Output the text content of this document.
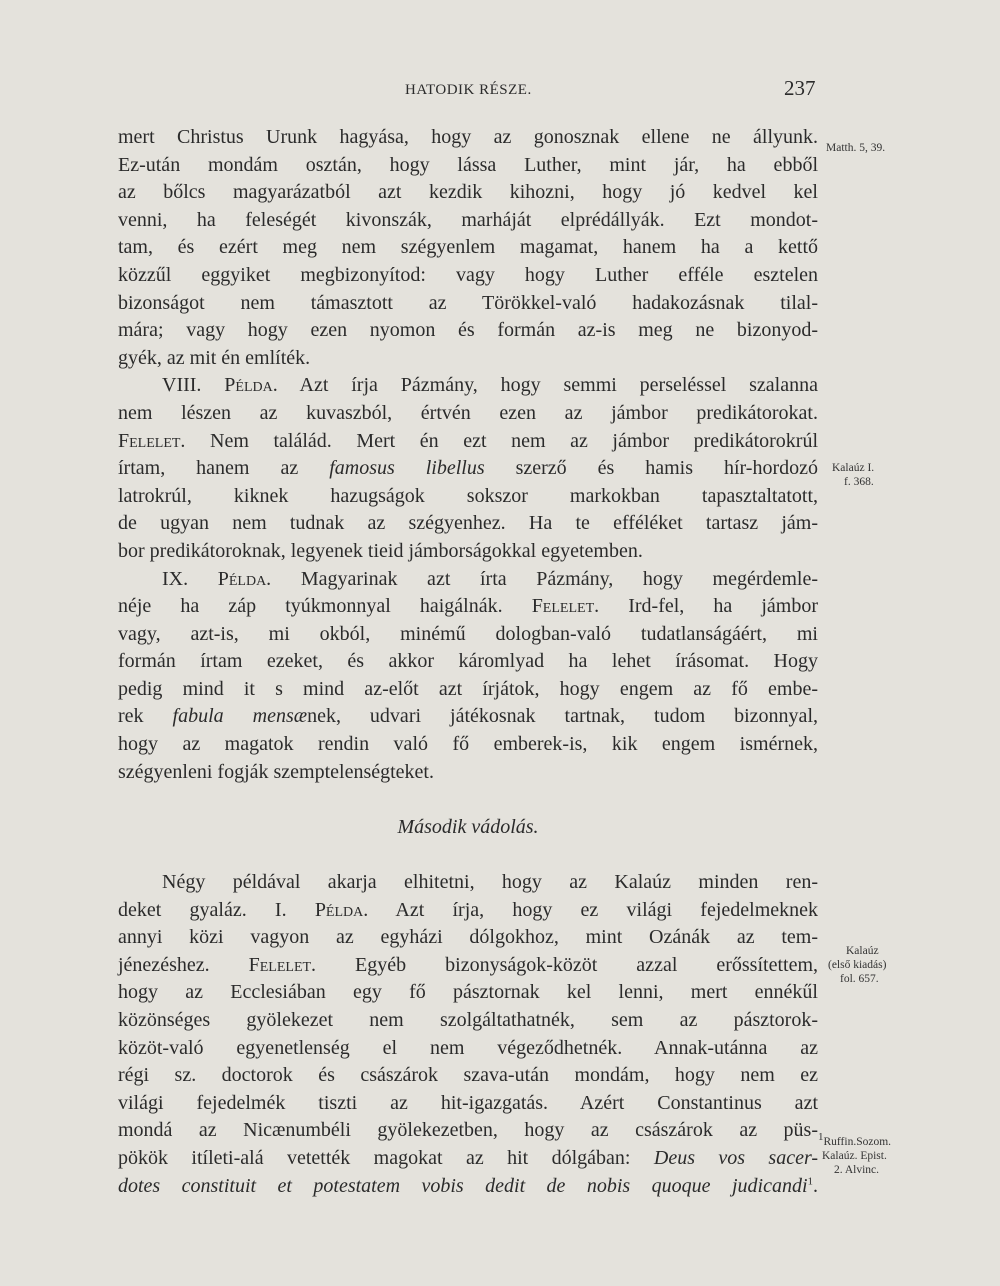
HATODIK RÉSZE.	237
mert Christus Urunk hagyása, hogy az gonosznak ellene ne állyunk.
Ez-után mondám osztán, hogy lássa Luther, mint jár, ha ebből
az bőlcs magyarázatból azt kezdik kihozni, hogy jó kedvel kel
venni, ha feleségét kivonszák, marháját elprédállyák. Ezt mondot-
tam, és ezért meg nem szégyenlem magamat, hanem ha a kettő
közzűl eggyiket megbizonyítod: vagy hogy Luther efféle esztelen
bizonságot nem támasztott az Törökkel-való hadakozásnak tilal-
mára; vagy hogy ezen nyomon és formán az-is meg ne bizonyod-
gyék, az mit én említék.
VIII. Példa. Azt írja Pázmány, hogy semmi perseléssel szalanna
nem lészen az kuvaszból, értvén ezen az jámbor predikátorokat.
Felelet. Nem találád. Mert én ezt nem az jámbor predikátorokrúl
írtam, hanem az famosus libellus szerző és hamis hír-hordozó
latrokrúl, kiknek hazugságok sokszor markokban tapasztaltatott,
de ugyan nem tudnak az szégyenhez. Ha te efféléket tartasz jám-
bor predikátoroknak, legyenek tieid jámborságokkal egyetemben.
IX. Példa. Magyarinak azt írta Pázmány, hogy megérdemle-
néje ha záp tyúkmonnyal haigálnák. Felelet. Ird-fel, ha jámbor
vagy, azt-is, mi okból, minémű dologban-való tudatlanságáért, mi
formán írtam ezeket, és akkor káromlyad ha lehet írásomat. Hogy
pedig mind it s mind az-előt azt írjátok, hogy engem az fő embe-
rek fabula mensænek, udvari játékosnak tartnak, tudom bizonnyal,
hogy az magatok rendin való fő emberek-is, kik engem ismérnek,
szégyenleni fogják szemptelenségteket.
Második vádolás.
Négy példával akarja elhitetni, hogy az Kalaúz minden ren-
deket gyaláz. I. Példa. Azt írja, hogy ez világi fejedelmeknek
annyi közi vagyon az egyházi dólgokhoz, mint Ozánák az tem-
jénezéshez. Felelet. Egyéb bizonyságok-közöt azzal erőssítettem,
hogy az Ecclesiában egy fő pásztornak kel lenni, mert ennékűl
közönséges gyölekezet nem szolgáltathatnék, sem az pásztorok-
közöt-való egyenetlenség el nem végeződhetnék. Annak-utánna az
régi sz. doctorok és császárok szava-után mondám, hogy nem ez
világi fejedelmék tiszti az hit-igazgatás. Azért Constantinus azt
mondá az Nicænumbéli gyölekezetben, hogy az császárok az püs-
pökök itíleti-alá vetették magokat az hit dólgában: Deus vos sacer-
dotes constituit et potestatem vobis dedit de nobis quoque judicandi$^1$.
Matth. 5, 39.
Kalaúz I.
f. 368.
Kalaúz
(első kiadás)
fol. 657.
1Ruffin.Sozom.
Kalaúz. Epist.
2. Alvinc.
